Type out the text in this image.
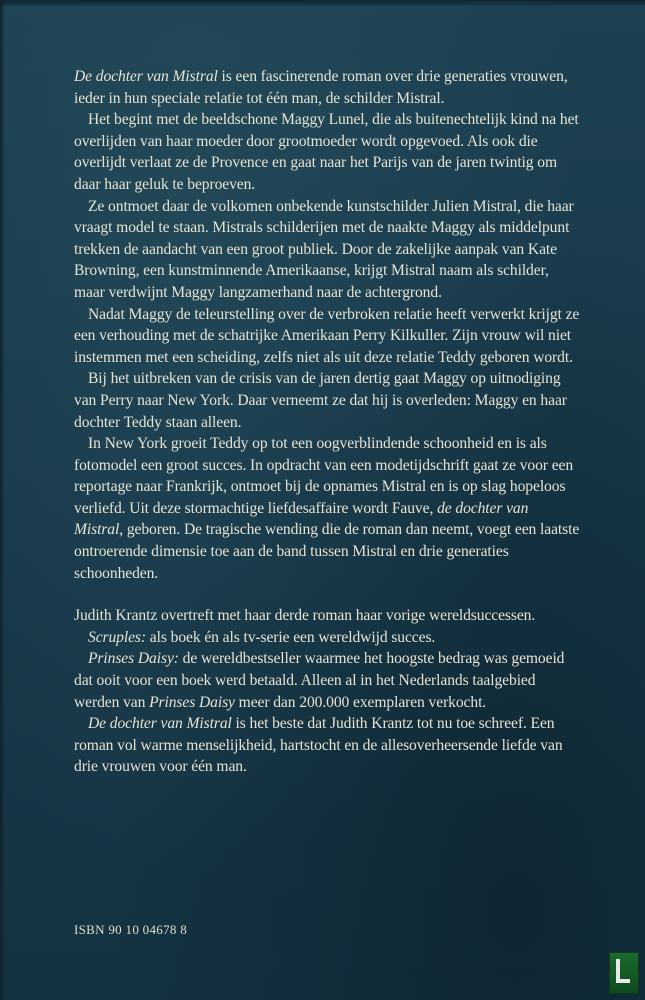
De dochter van Mistral is een fascinerende roman over drie generaties vrouwen, ieder in hun speciale relatie tot één man, de schilder Mistral.

Het begint met de beeldschone Maggy Lunel, die als buitenechtelijk kind na het overlijden van haar moeder door grootmoeder wordt opgevoed. Als ook die overlijdt verlaat ze de Provence en gaat naar het Parijs van de jaren twintig om daar haar geluk te beproeven.

Ze ontmoet daar de volkomen onbekende kunstschilder Julien Mistral, die haar vraagt model te staan. Mistrals schilderijen met de naakte Maggy als middelpunt trekken de aandacht van een groot publiek. Door de zakelijke aanpak van Kate Browning, een kunstminnende Amerikaanse, krijgt Mistral naam als schilder, maar verdwijnt Maggy langzamerhand naar de achtergrond.

Nadat Maggy de teleurstelling over de verbroken relatie heeft verwerkt krijgt ze een verhouding met de schatrijke Amerikaan Perry Kilkuller. Zijn vrouw wil niet instemmen met een scheiding, zelfs niet als uit deze relatie Teddy geboren wordt.

Bij het uitbreken van de crisis van de jaren dertig gaat Maggy op uitnodiging van Perry naar New York. Daar verneemt ze dat hij is overleden: Maggy en haar dochter Teddy staan alleen.

In New York groeit Teddy op tot een oogverblindende schoonheid en is als fotomodel een groot succes. In opdracht van een modetijdschrift gaat ze voor een reportage naar Frankrijk, ontmoet bij de opnames Mistral en is op slag hopeloos verliefd. Uit deze stormachtige liefdesaffaire wordt Fauve, de dochter van Mistral, geboren. De tragische wending die de roman dan neemt, voegt een laatste ontroerende dimensie toe aan de band tussen Mistral en drie generaties schoonheden.

Judith Krantz overtreft met haar derde roman haar vorige wereldsuccessen.

Scruples: als boek én als tv-serie een wereldwijd succes.

Prinses Daisy: de wereldbestseller waarmee het hoogste bedrag was gemoeid dat ooit voor een boek werd betaald. Alleen al in het Nederlands taalgebied werden van Prinses Daisy meer dan 200.000 exemplaren verkocht.

De dochter van Mistral is het beste dat Judith Krantz tot nu toe schreef. Een roman vol warme menselijkheid, hartstocht en de allesoverheersende liefde van drie vrouwen voor één man.

ISBN 90 10 04678 8
